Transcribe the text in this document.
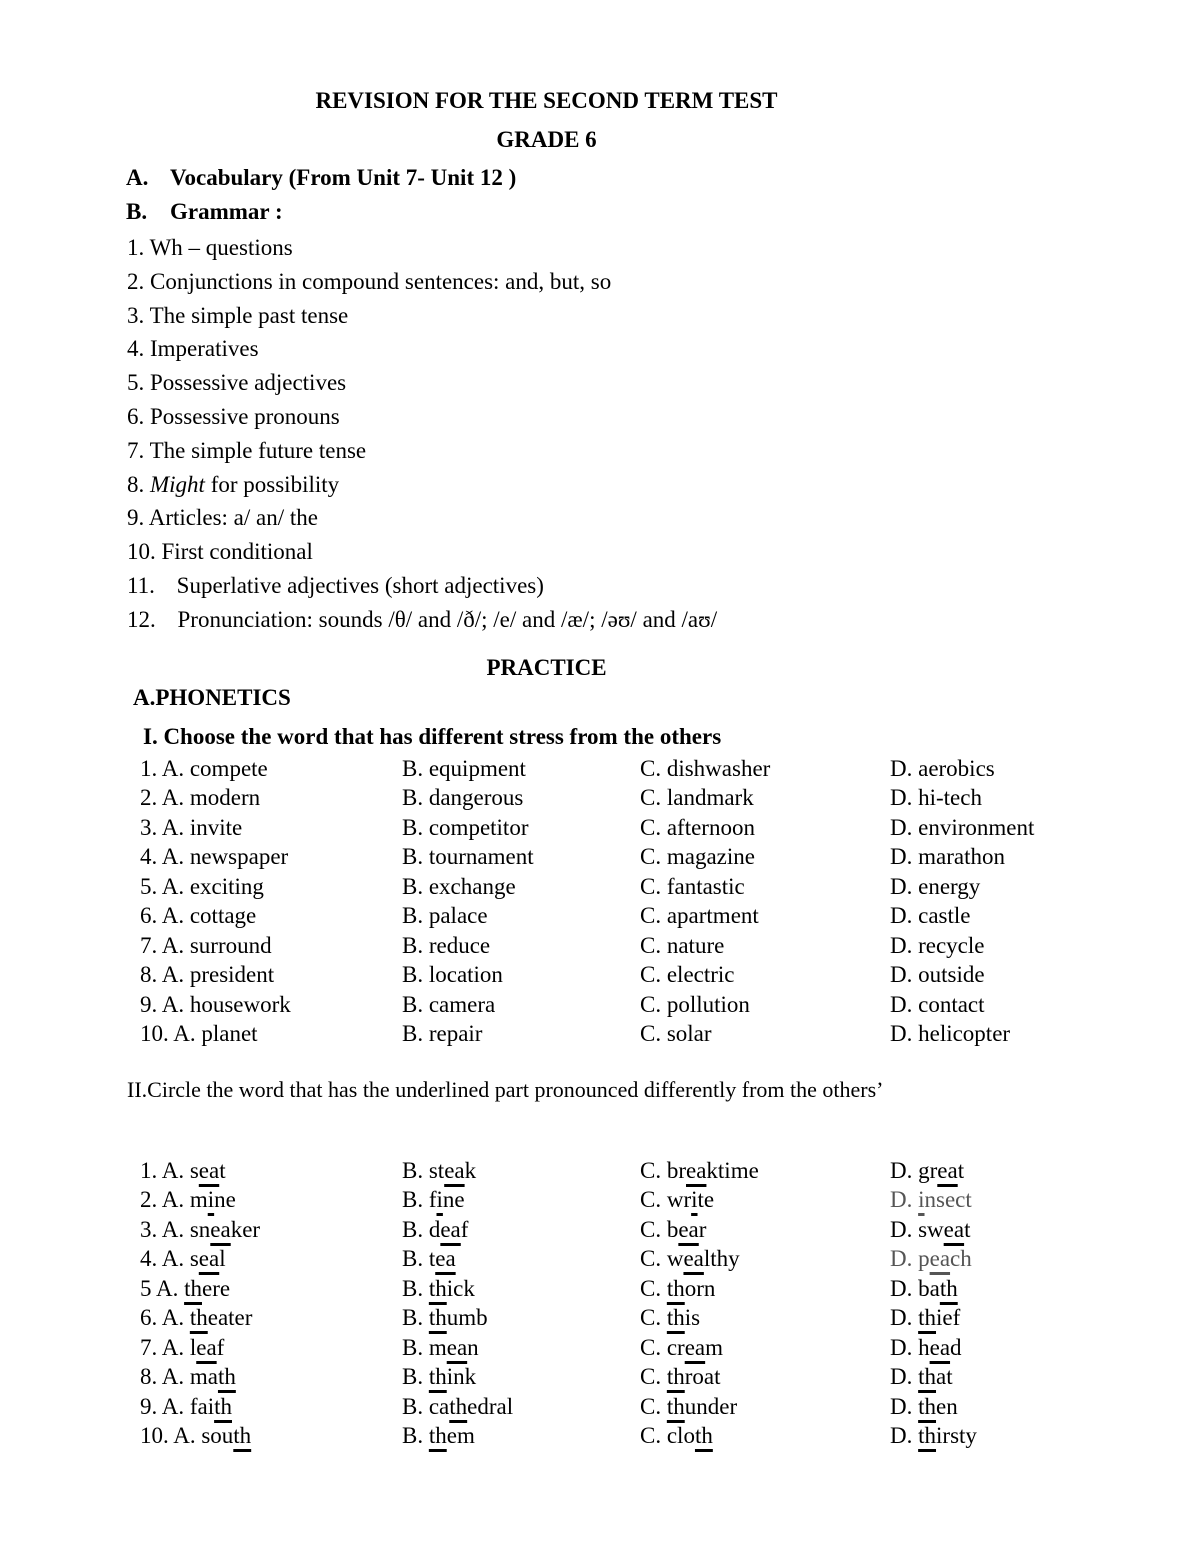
REVISION FOR THE SECOND TERM TEST
GRADE 6
A. Vocabulary (From Unit 7- Unit 12 )
B. Grammar :
1. Wh – questions
2. Conjunctions in compound sentences: and, but, so
3. The simple past tense
4. Imperatives
5. Possessive adjectives
6. Possessive pronouns
7. The simple future tense
8. Might for possibility
9. Articles: a/ an/ the
10. First conditional
11. Superlative adjectives (short adjectives)
12. Pronunciation: sounds /θ/ and /ð/; /e/ and /æ/; /əʊ/ and /aʊ/
PRACTICE
A.PHONETICS
I. Choose the word that has different stress from the others
1. A. compete	B. equipment	C. dishwasher	D. aerobics
2. A. modern	B. dangerous	C. landmark	D. hi-tech
3. A. invite	B. competitor	C. afternoon	D. environment
4. A. newspaper	B. tournament	C. magazine	D. marathon
5. A. exciting	B. exchange	C. fantastic	D. energy
6. A. cottage	B. palace	C. apartment	D. castle
7. A. surround	B. reduce	C. nature	D. recycle
8. A. president	B. location	C. electric	D. outside
9. A. housework	B. camera	C. pollution	D. contact
10. A. planet	B. repair	C. solar	D. helicopter
II.Circle the word that has the underlined part pronounced differently from the others’
1. A. seat	B. steak	C. breaktime	D. great
2. A. mine	B. fine	C. write	D. insect
3. A. sneaker	B. deaf	C. bear	D. sweat
4. A. seal	B. tea	C. wealthy	D. peach
5 A. there	B. thick	C. thorn	D. bath
6. A. theater	B. thumb	C. this	D. thief
7. A. leaf	B. mean	C. cream	D. head
8. A. math	B. think	C. throat	D. that
9. A. faith	B. cathedral	C. thunder	D. then
10. A. south	B. them	C. cloth	D. thirsty
